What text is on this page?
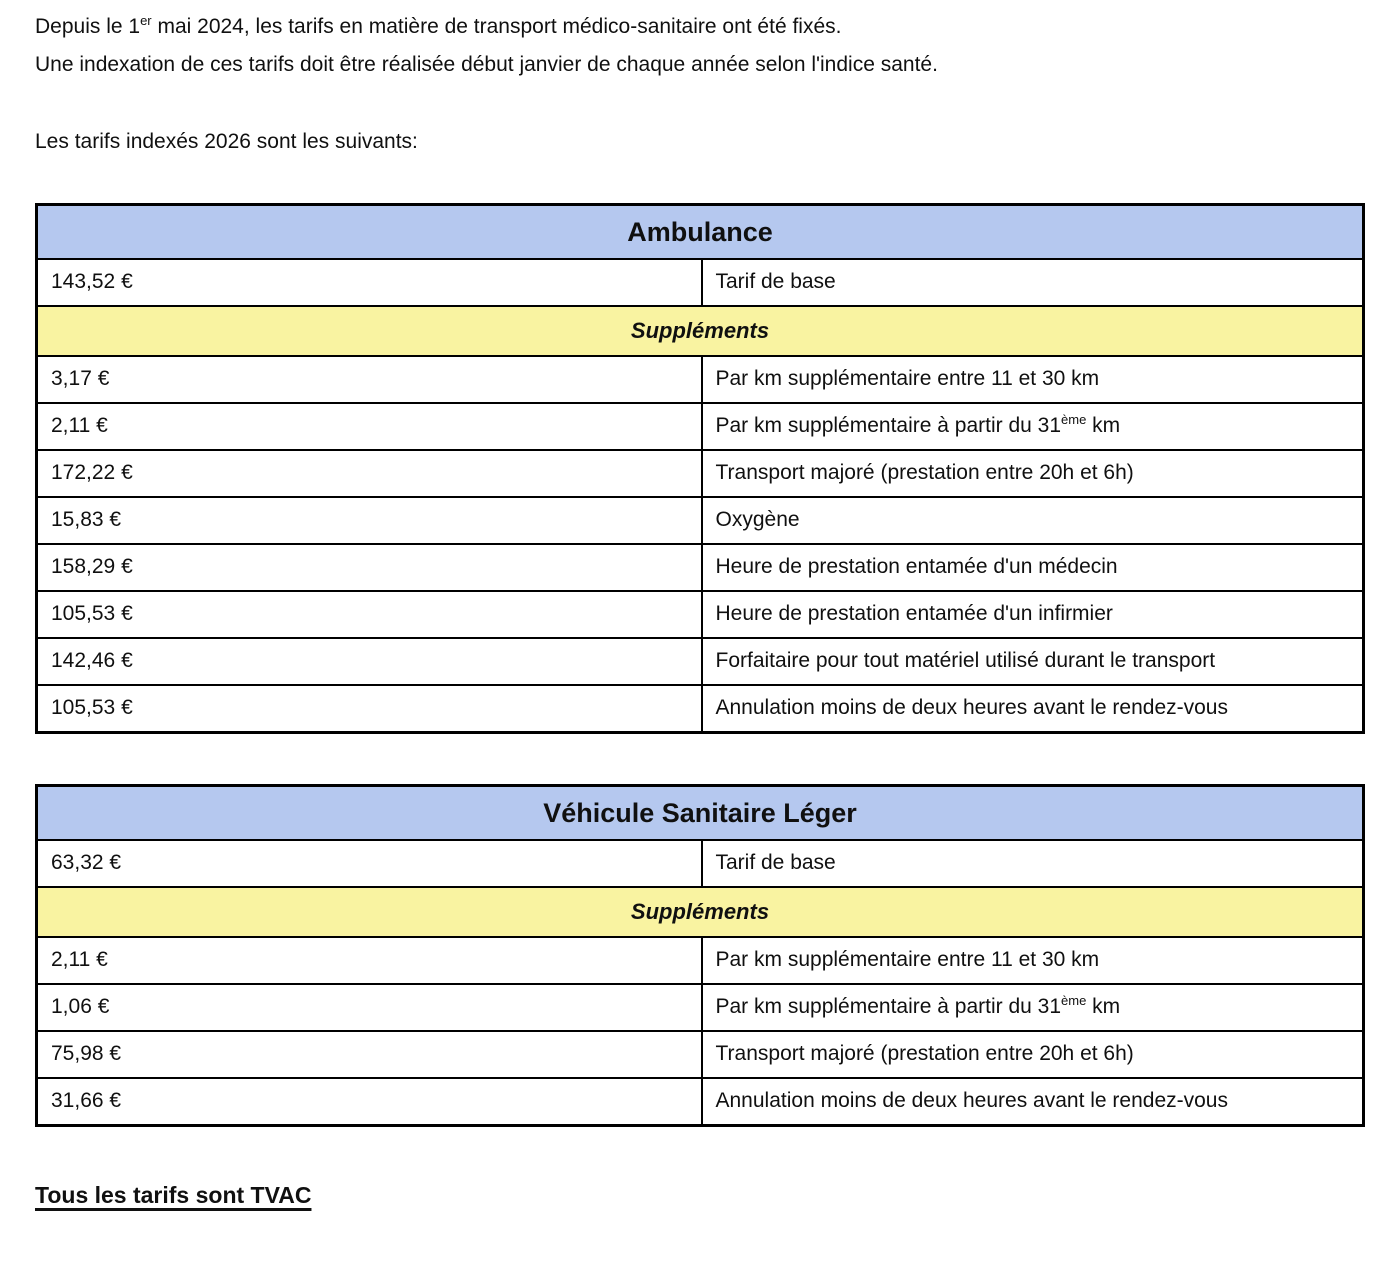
Depuis le 1er mai 2024, les tarifs en matière de transport médico-sanitaire ont été fixés.
Une indexation de ces tarifs doit être réalisée début janvier de chaque année selon l'indice santé.

Les tarifs indexés 2026 sont les suivants:

Ambulance	
143,52 €	Tarif de base
Suppléments	
3,17 €	Par km supplémentaire entre 11 et 30 km
2,11 €	Par km supplémentaire à partir du 31ème km
172,22 €	Transport majoré (prestation entre 20h et 6h)
15,83 €	Oxygène
158,29 €	Heure de prestation entamée d'un médecin
105,53 €	Heure de prestation entamée d'un infirmier
142,46 €	Forfaitaire pour tout matériel utilisé durant le transport
105,53 €	Annulation moins de deux heures avant le rendez-vous
Véhicule Sanitaire Léger	
63,32 €	Tarif de base
Suppléments	
2,11 €	Par km supplémentaire entre 11 et 30 km
1,06 €	Par km supplémentaire à partir du 31ème km
75,98 €	Transport majoré (prestation entre 20h et 6h)
31,66 €	Annulation moins de deux heures avant le rendez-vous

Tous les tarifs sont TVAC
